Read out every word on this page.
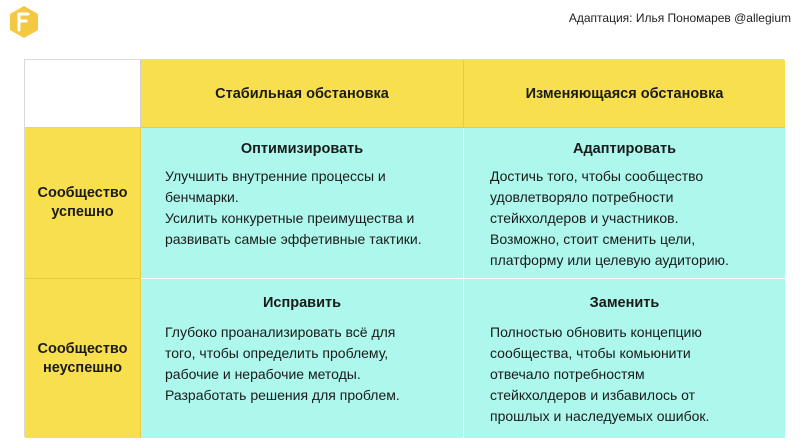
Адаптация: Илья Пономарев @allegium
Стабильная обстановка	Изменяющаяся обстановка
Сообщество
успешно
Оптимизировать
Улучшить внутренние процессы и
бенчмарки.
Усилить конкуретные преимущества и
развивать самые эффетивные тактики.
Адаптировать
Достичь того, чтобы сообщество
удовлетворяло потребности
стейкхолдеров и участников.
Возможно, стоит сменить цели,
платформу или целевую аудиторию.
Сообщество
неуспешно
Исправить
Глубоко проанализировать всё для
того, чтобы определить проблему,
рабочие и нерабочие методы.
Разработать решения для проблем.
Заменить
Полностью обновить концепцию
сообщества, чтобы комьюнити
отвечало потребностям
стейкхолдеров и избавилось от
прошлых и наследуемых ошибок.
